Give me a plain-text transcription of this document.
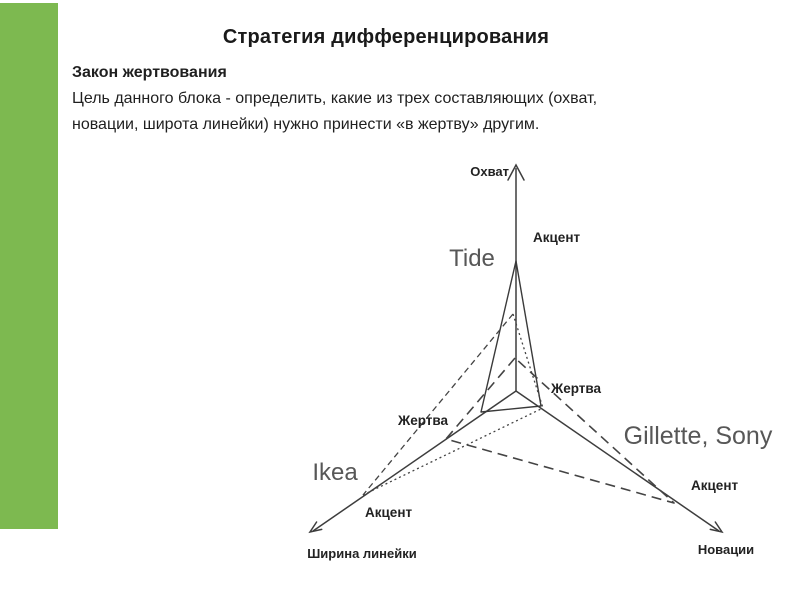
Стратегия дифференцирования
Закон жертвования
Цель данного блока - определить, какие из трех составляющих (охват,
новации, широта линейки) нужно принести «в жертву» другим.
Охват
Ширина линейки	Новации
Акцент
Акцент
Акцент
Жертва
Жертва
Tide
Ikea
Gillette, Sony
